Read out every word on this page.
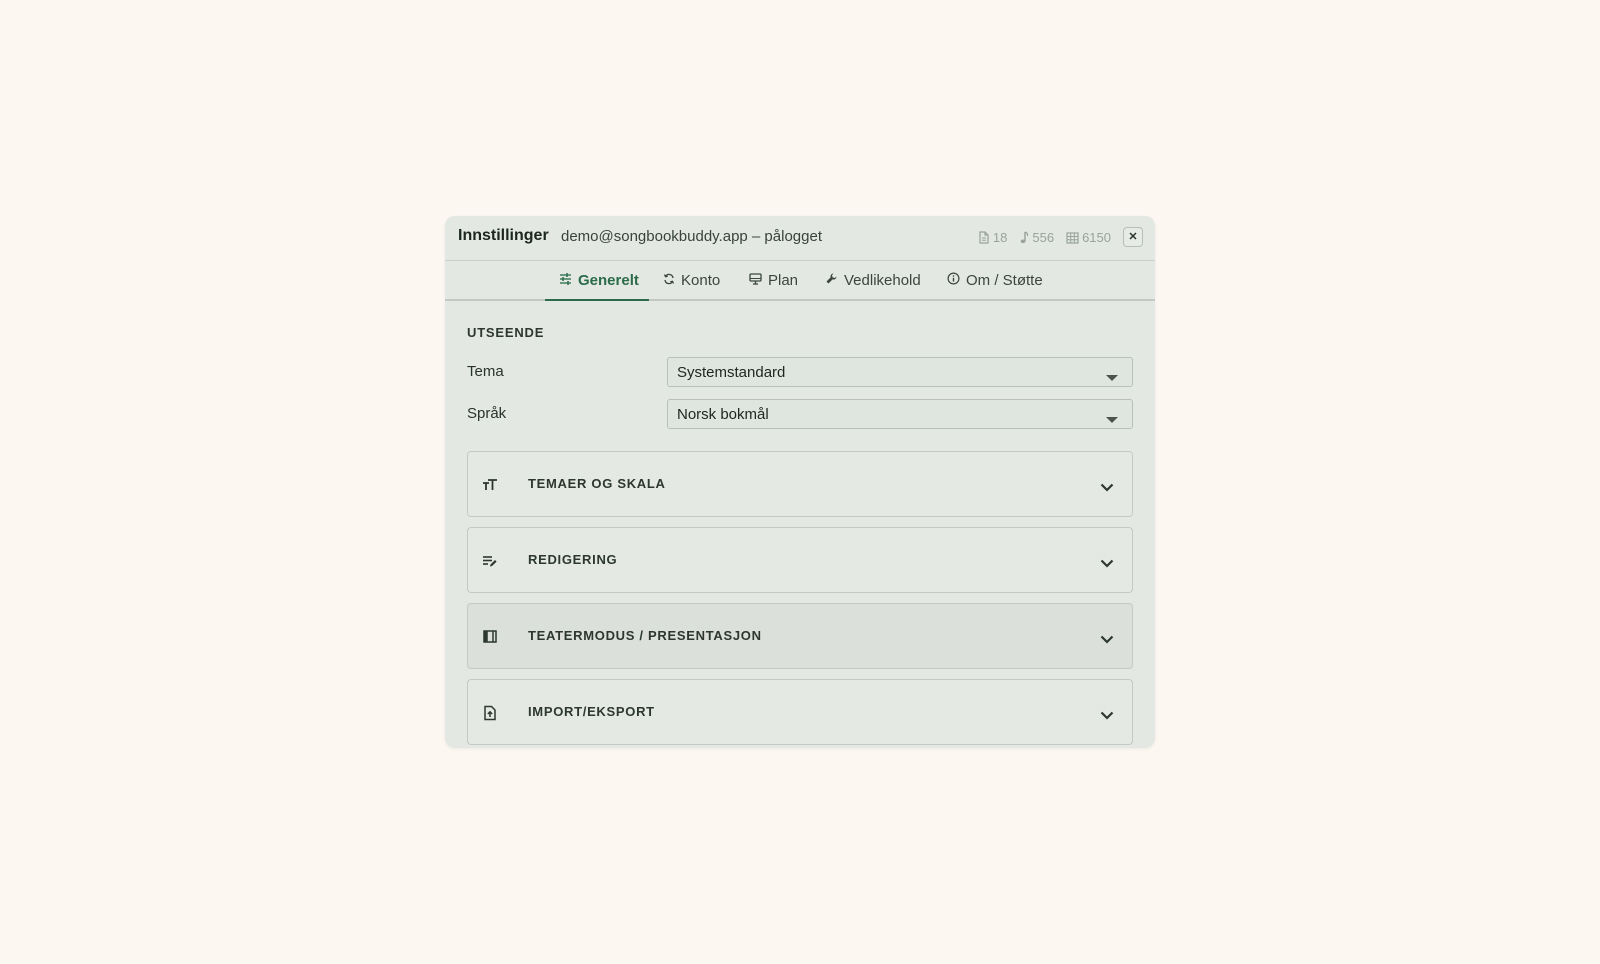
Innstillinger demo@songbookbuddy.app – pålogget	18 556 6150
Generelt	Konto	Plan	Vedlikehold	Om / Støtte
UTSEENDE
Tema	Systemstandard
Språk	Norsk bokmål
TEMAER OG SKALA
REDIGERING
TEATERMODUS / PRESENTASJON
IMPORT/EKSPORT
